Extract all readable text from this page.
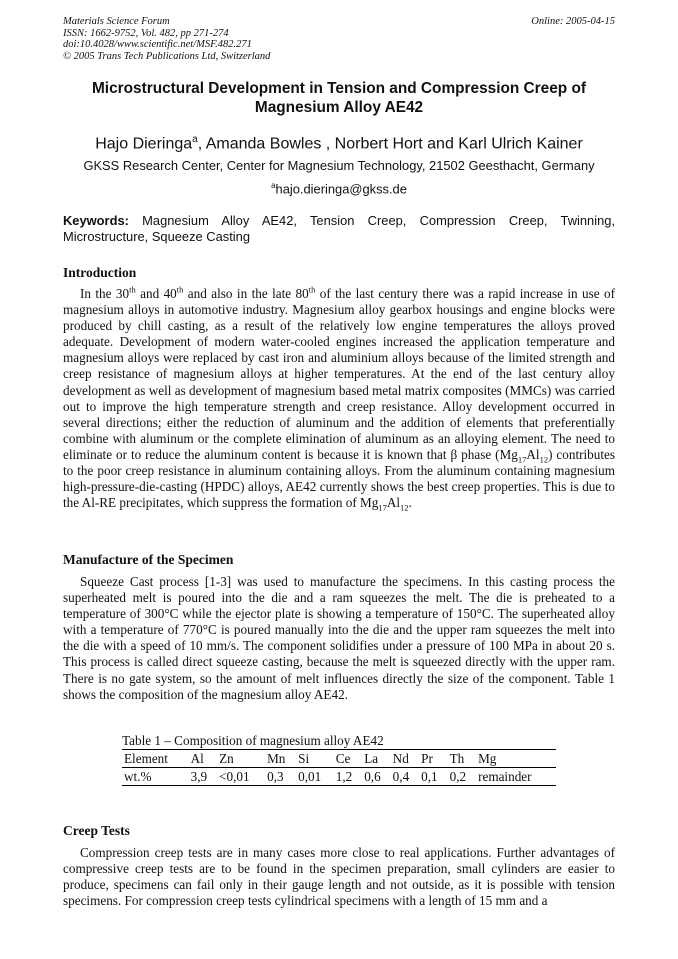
Materials Science Forum
ISSN: 1662-9752, Vol. 482, pp 271-274
doi:10.4028/www.scientific.net/MSF.482.271
© 2005 Trans Tech Publications Ltd, Switzerland
Online: 2005-04-15
Microstructural Development in Tension and Compression Creep of
Magnesium Alloy AE42
Hajo Dieringa$^a$, Amanda Bowles , Norbert Hort and Karl Ulrich Kainer
GKSS Research Center, Center for Magnesium Technology, 21502 Geesthacht, Germany
$^a$hajo.dieringa@gkss.de
Keywords: Magnesium Alloy AE42, Tension Creep, Compression Creep, Twinning, Microstructure, Squeeze Casting
Introduction

In the 30th and 40th and also in the late 80th of the last century there was a rapid increase in use of magnesium alloys in automotive industry. Magnesium alloy gearbox housings and engine blocks were produced by chill casting, as a result of the relatively low engine temperatures the alloys proved adequate. Development of modern water-cooled engines increased the application temperature and magnesium alloys were replaced by cast iron and aluminium alloys because of the limited strength and creep resistance of magnesium alloys at higher temperatures. At the end of the last century alloy development as well as development of magnesium based metal matrix composites (MMCs) was carried out to improve the high temperature strength and creep resistance. Alloy development occurred in several directions; either the reduction of aluminum and the addition of elements that preferentially combine with aluminum or the complete elimination of aluminum as an alloying element. The need to eliminate or to reduce the aluminum content is because it is known that β phase $(Mg_{17}Al_{12})$ contributes to the poor creep resistance in aluminum containing alloys. From the aluminum containing magnesium high-pressure-die-casting (HPDC) alloys, AE42 currently shows the best creep properties. This is due to the Al-RE precipitates, which suppress the formation of $Mg_{17}Al_{12}$.

Manufacture of the Specimen

Squeeze Cast process [1-3] was used to manufacture the specimens. In this casting process the superheated melt is poured into the die and a ram squeezes the melt. The die is preheated to a temperature of 300°C while the ejector plate is showing a temperature of 150°C. The superheated alloy with a temperature of 770°C is poured manually into the die and the upper ram squeezes the melt into the die with a speed of 10 mm/s. The component solidifies under a pressure of 100 MPa in about 20 s. This process is called direct squeeze casting, because the melt is squeezed directly with the upper ram. There is no gate system, so the amount of melt influences directly the size of the component. Table 1 shows the composition of the magnesium alloy AE42.

Table 1 – Composition of magnesium alloy AE42
Element	Al	Zn	Mn	Si	Ce	La	Nd	Pr	Th	Mg
wt.%	3,9	<0,01	0,3	0,01	1,2	0,6	0,4	0,1	0,2	remainder
Creep Tests

Compression creep tests are in many cases more close to real applications. Further advantages of compressive creep tests are to be found in the specimen preparation, small cylinders are easier to produce, specimens can fail only in their gauge length and not outside, as it is possible with tension specimens. For compression creep tests cylindrical specimens with a length of 15 mm and a
